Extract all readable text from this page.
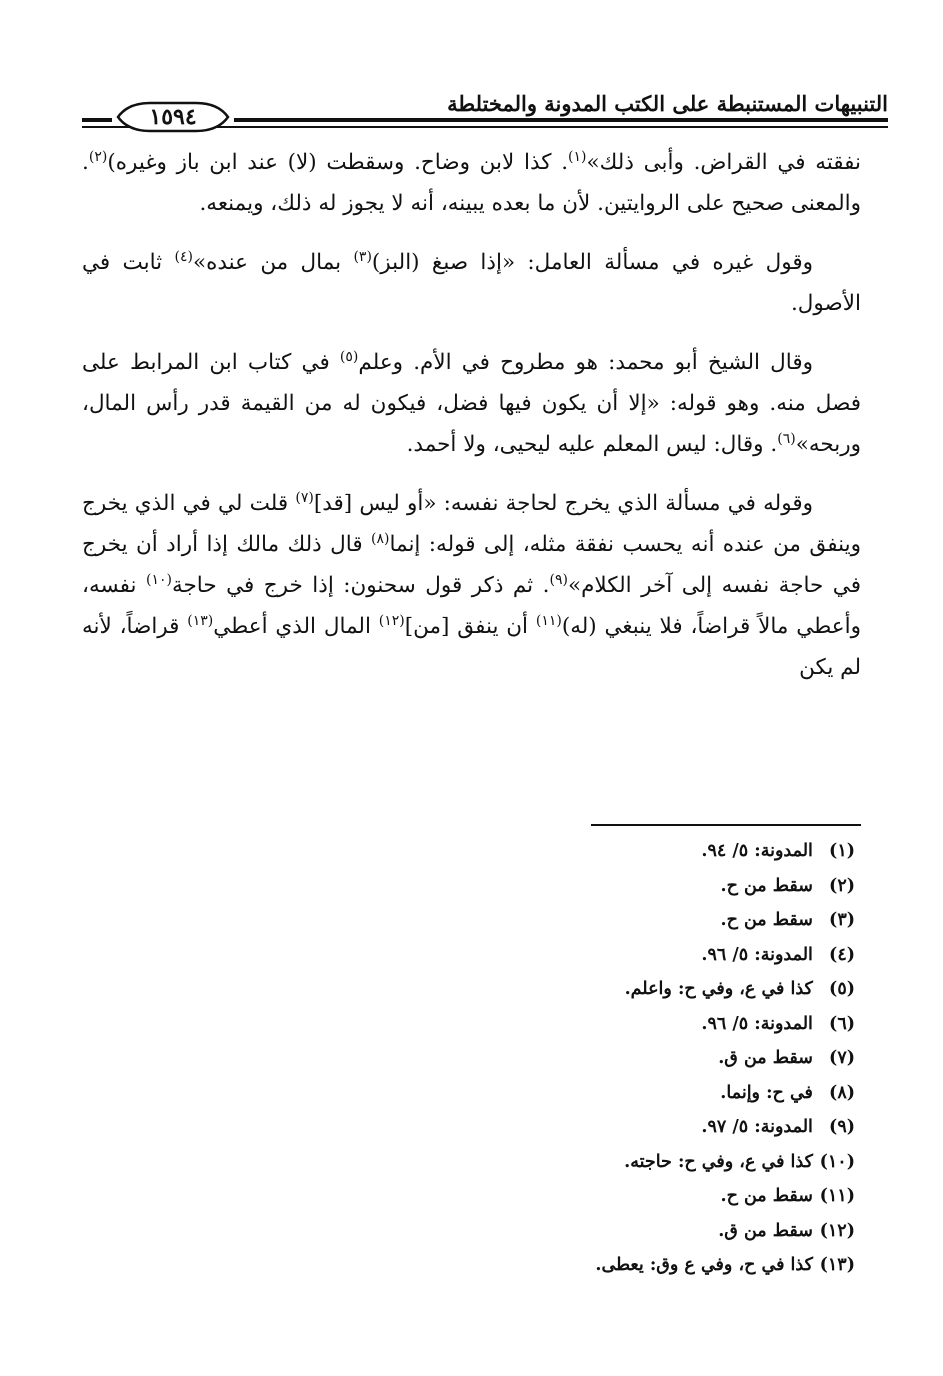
التنبيهات المستنبطة على الكتب المدونة والمختلطة
١٥٩٤

نفقته في القراض. وأبى ذلك»$^{(١)}$. كذا لابن وضاح. وسقطت (لا) عند ابن باز وغيره)$^{(٢)}$. والمعنى صحيح على الروايتين. لأن ما بعده يبينه، أنه لا يجوز له ذلك، ويمنعه.

وقول غيره في مسألة العامل: «إذا صبغ (البز)$^{(٣)}$ بمال من عنده»$^{(٤)}$ ثابت في الأصول.

وقال الشيخ أبو محمد: هو مطروح في الأم. وعلم$^{(٥)}$ في كتاب ابن المرابط على فصل منه. وهو قوله: «إلا أن يكون فيها فضل، فيكون له من القيمة قدر رأس المال، وربحه»$^{(٦)}$. وقال: ليس المعلم عليه ليحيى، ولا أحمد.

وقوله في مسألة الذي يخرج لحاجة نفسه: «أو ليس [قد]$^{(٧)}$ قلت لي في الذي يخرج وينفق من عنده أنه يحسب نفقة مثله، إلى قوله: إنما$^{(٨)}$ قال ذلك مالك إذا أراد أن يخرج في حاجة نفسه إلى آخر الكلام»$^{(٩)}$. ثم ذكر قول سحنون: إذا خرج في حاجة$^{(١٠)}$ نفسه، وأعطي مالاً قراضاً، فلا ينبغي (له)$^{(١١)}$ أن ينفق [من]$^{(١٢)}$ المال الذي أعطي$^{(١٣)}$ قراضاً، لأنه لم يكن

(١) المدونة: ٥/ ٩٤.
(٢) سقط من ح.
(٣) سقط من ح.
(٤) المدونة: ٥/ ٩٦.
(٥) كذا في ع، وفي ح: واعلم.
(٦) المدونة: ٥/ ٩٦.
(٧) سقط من ق.
(٨) في ح: وإنما.
(٩) المدونة: ٥/ ٩٧.
(١٠) كذا في ع، وفي ح: حاجته.
(١١) سقط من ح.
(١٢) سقط من ق.
(١٣) كذا في ح، وفي ع وق: يعطى.
